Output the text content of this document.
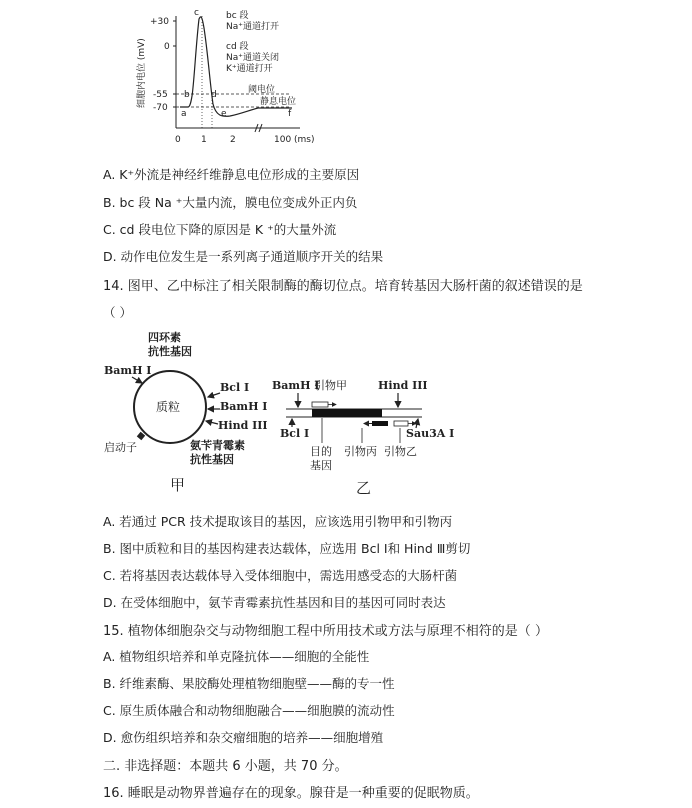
细胞内电位 (mV)
+30
0
-55
-70
a
b
c
d
e	f
bc 段
Na⁺通道打开
cd 段
Na⁺通道关闭
K⁺通道打开
阈电位
静息电位
0 1	2	100 (ms)
A. K⁺外流是神经纤维静息电位形成的主要原因
B. bc 段 Na ⁺大量内流，膜电位变成外正内负
C. cd 段电位下降的原因是 K ⁺的大量外流
D. 动作电位发生是一系列离子通道顺序开关的结果
14. 图甲、乙中标注了相关限制酶的酶切位点。培育转基因大肠杆菌的叙述错误的是
（ ）
质粒
四环素
抗性基因
BamH I
Bcl I
BamH I
Hind III
启动子	氨苄青霉素
抗性基因
甲
BamH I
引物甲	Hind III
Bcl I	Sau3A I
目的
基因
引物丙 引物乙
乙
A. 若通过 PCR 技术提取该目的基因，应该选用引物甲和引物丙
B. 图中质粒和目的基因构建表达载体，应选用 Bcl Ⅰ和 Hind Ⅲ剪切
C. 若将基因表达载体导入受体细胞中，需选用感受态的大肠杆菌
D. 在受体细胞中，氨苄青霉素抗性基因和目的基因可同时表达
15. 植物体细胞杂交与动物细胞工程中所用技术或方法与原理不相符的是（ ）
A. 植物组织培养和单克隆抗体——细胞的全能性
B. 纤维素酶、果胶酶处理植物细胞壁——酶的专一性
C. 原生质体融合和动物细胞融合——细胞膜的流动性
D. 愈伤组织培养和杂交瘤细胞的培养——细胞增殖
二. 非选择题：本题共 6 小题，共 70 分。
16. 睡眠是动物界普遍存在的现象。腺苷是一种重要的促眠物质。
